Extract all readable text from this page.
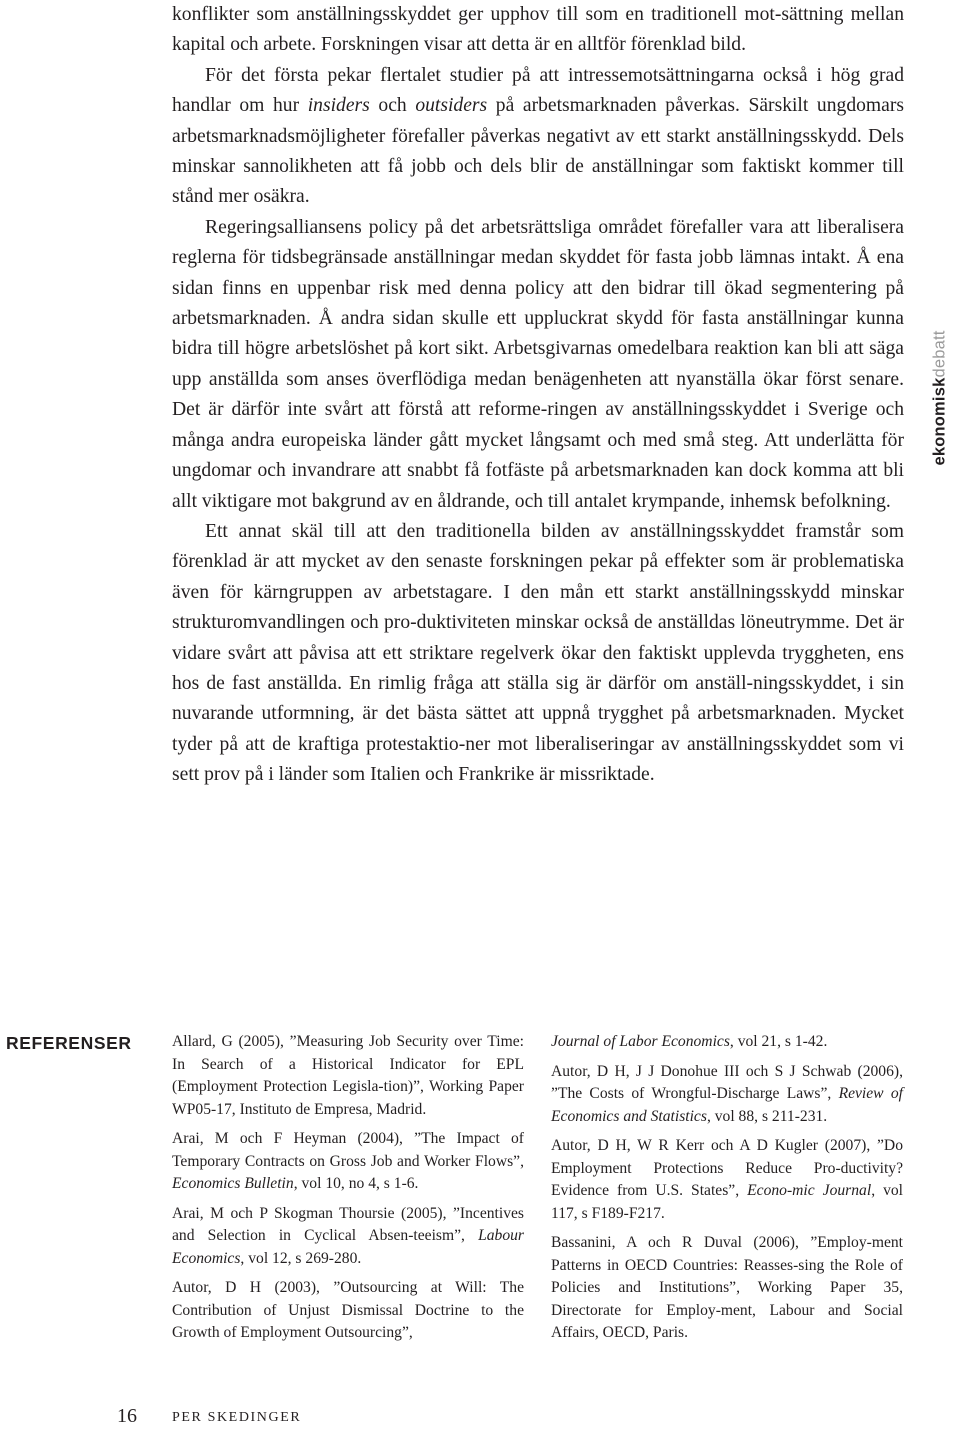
konflikter som anställningsskyddet ger upphov till som en traditionell mot-sättning mellan kapital och arbete. Forskningen visar att detta är en alltför förenklad bild.

För det första pekar flertalet studier på att intressemotsättningarna också i hög grad handlar om hur insiders och outsiders på arbetsmarknaden påverkas. Särskilt ungdomars arbetsmarknadsmöjligheter förefaller påverkas negativt av ett starkt anställningsskydd. Dels minskar sannolikheten att få jobb och dels blir de anställningar som faktiskt kommer till stånd mer osäkra.

Regeringsalliansens policy på det arbetsrättsliga området förefaller vara att liberalisera reglerna för tidsbegränsade anställningar medan skyddet för fasta jobb lämnas intakt. Å ena sidan finns en uppenbar risk med denna policy att den bidrar till ökad segmentering på arbetsmarknaden. Å andra sidan skulle ett uppluckrat skydd för fasta anställningar kunna bidra till högre arbetslöshet på kort sikt. Arbetsgivarnas omedelbara reaktion kan bli att säga upp anställda som anses överflödiga medan benägenheten att nyanställa ökar först senare. Det är därför inte svårt att förstå att reforme-ringen av anställningsskyddet i Sverige och många andra europeiska länder gått mycket långsamt och med små steg. Att underlätta för ungdomar och invandrare att snabbt få fotfäste på arbetsmarknaden kan dock komma att bli allt viktigare mot bakgrund av en åldrande, och till antalet krympande, inhemsk befolkning.

Ett annat skäl till att den traditionella bilden av anställningsskyddet framstår som förenklad är att mycket av den senaste forskningen pekar på effekter som är problematiska även för kärngruppen av arbetstagare. I den mån ett starkt anställningsskydd minskar strukturomvandlingen och pro-duktiviteten minskar också de anställdas löneutrymme. Det är vidare svårt att påvisa att ett striktare regelverk ökar den faktiskt upplevda tryggheten, ens hos de fast anställda. En rimlig fråga att ställa sig är därför om anställ-ningsskyddet, i sin nuvarande utformning, är det bästa sättet att uppnå trygghet på arbetsmarknaden. Mycket tyder på att de kraftiga protestaktio-ner mot liberaliseringar av anställningsskyddet som vi sett prov på i länder som Italien och Frankrike är missriktade.

ekonomiskdebatt
REFERENSER	Allard, G (2005), ”Measuring Job Security over Time: In Search of a Historical Indicator for EPL (Employment Protection Legisla-tion)”, Working Paper WP05-17, Instituto de Empresa, Madrid.

Arai, M och F Heyman (2004), ”The Impact of Temporary Contracts on Gross Job and Worker Flows”, Economics Bulletin, vol 10, no 4, s 1-6.

Arai, M och P Skogman Thoursie (2005), ”Incentives and Selection in Cyclical Absen-teeism”, Labour Economics, vol 12, s 269-280.

Autor, D H (2003), ”Outsourcing at Will: The Contribution of Unjust Dismissal Doctrine to the Growth of Employment Outsourcing”,

Journal of Labor Economics, vol 21, s 1-42.

Autor, D H, J J Donohue III och S J Schwab (2006), ”The Costs of Wrongful-Discharge Laws”, Review of Economics and Statistics, vol 88, s 211-231.

Autor, D H, W R Kerr och A D Kugler (2007), ”Do Employment Protections Reduce Pro-ductivity? Evidence from U.S. States”, Econo-mic Journal, vol 117, s F189-F217.

Bassanini, A och R Duval (2006), ”Employ-ment Patterns in OECD Countries: Reasses-sing the Role of Policies and Institutions”, Working Paper 35, Directorate for Employ-ment, Labour and Social Affairs, OECD, Paris.

16	PER SKEDINGER
